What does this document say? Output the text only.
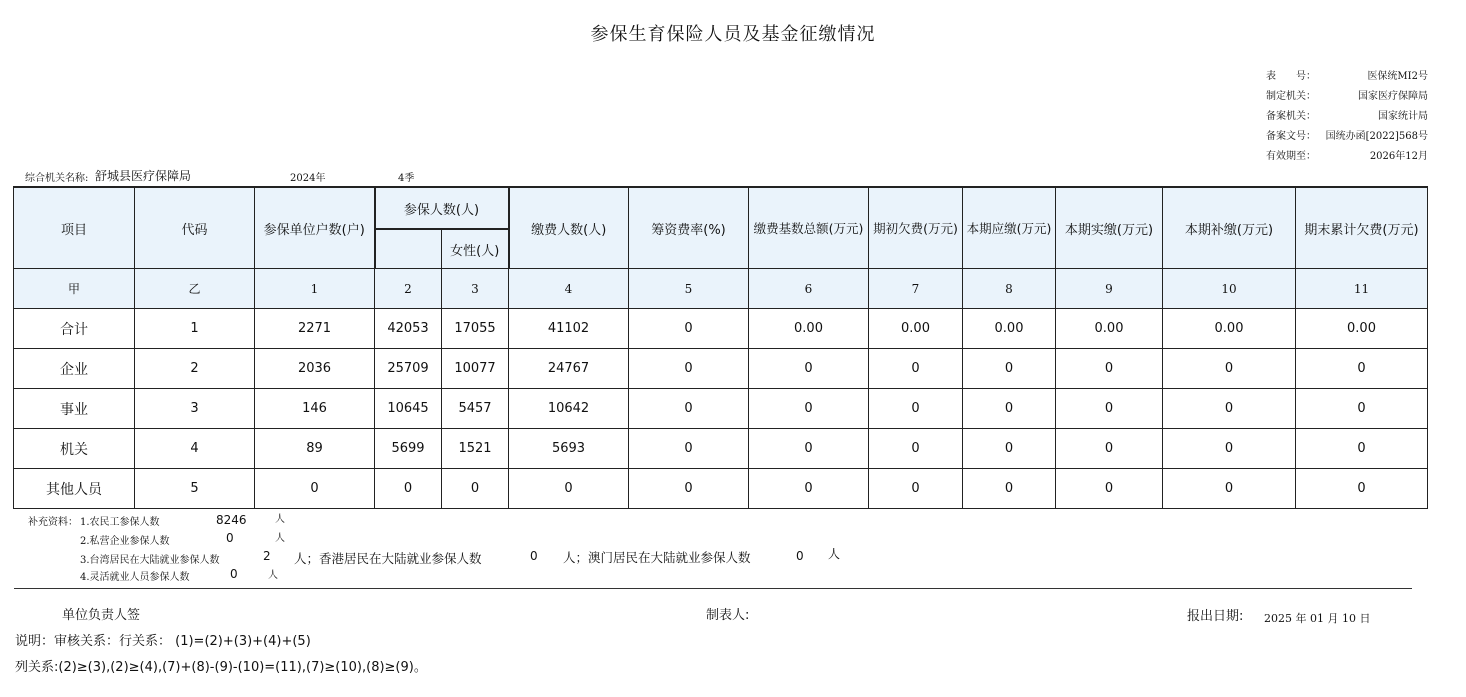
参保生育保险人员及基金征缴情况
表　　号：	医保统MI2号
制定机关：	国家医疗保障局
备案机关：	国家统计局
备案文号： 国统办函[2022]568号
有效期至：	2026年12月
综合机关名称: 舒城县医疗保障局	2024年	4季
项目	代码	参保单位户数(户)	参保人数(人)		缴费人数(人)	筹资费率(%)	缴费基数总额(万元)	期初欠费(万元)	本期应缴(万元)	本期实缴(万元)	本期补缴(万元)	期末累计欠费(万元)
				女性(人)								
甲	乙	1	2	3	4	5	6	7	8	9	10	11
合计	1	2271	42053	17055	41102	0	0.00	0.00	0.00	0.00	0.00	0.00
企业	2	2036	25709	10077	24767	0	0	0	0	0	0	0
事业	3	146	10645	5457	10642	0	0	0	0	0	0	0
机关	4	89	5699	1521	5693	0	0	0	0	0	0	0
其他人员	5	0	0	0	0	0	0	0	0	0	0	0
补充资料： 1.农民工参保人数	8246	人
2.私营企业参保人数	0	人
3.台湾居民在大陆就业参保人数	2 人；香港居民在大陆就业参保人数	0 人；澳门居民在大陆就业参保人数	0 人
4.灵活就业人员参保人数	0	人
单位负责人签	制表人:	报出日期: 2025 年 01 月 10 日
说明：审核关系：行关系： (1)=(2)+(3)+(4)+(5)
列关系:(2)≥(3),(2)≥(4),(7)+(8)-(9)-(10)=(11),(7)≥(10),(8)≥(9)。
